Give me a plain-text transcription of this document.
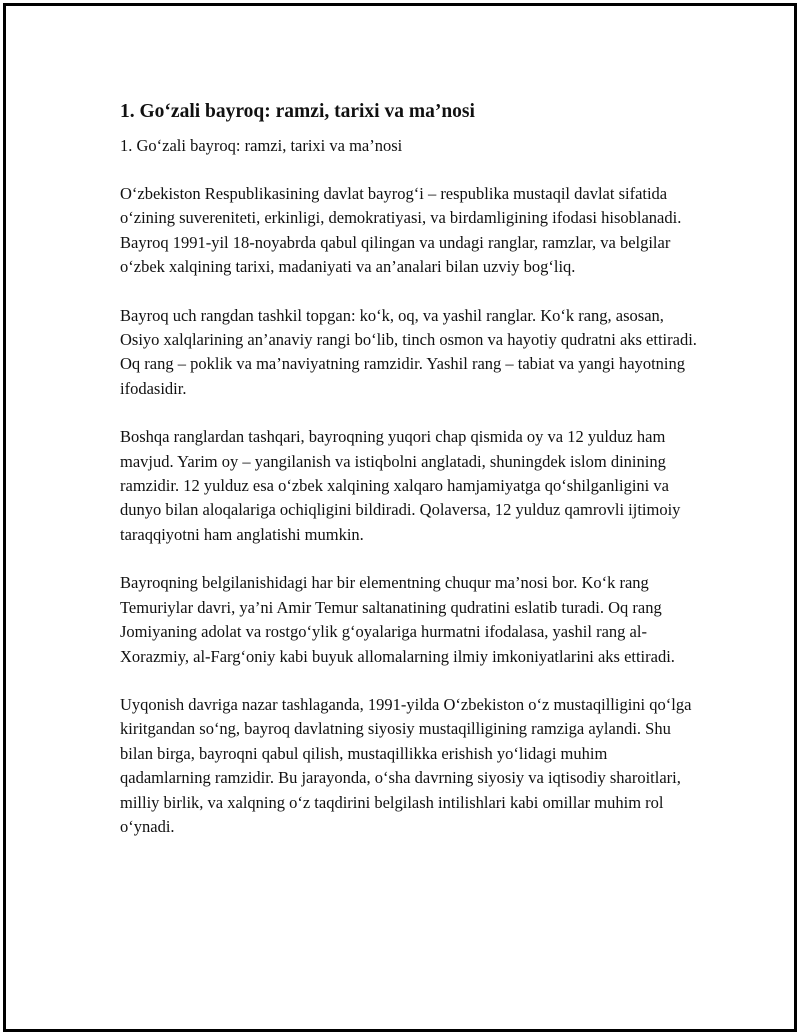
1. Go‘zali bayroq: ramzi, tarixi va ma’nosi

1. Go‘zali bayroq: ramzi, tarixi va ma’nosi

O‘zbekiston Respublikasining davlat bayrog‘i – respublika mustaqil davlat sifatida o‘zining suvereniteti, erkinligi, demokratiyasi, va birdamligining ifodasi hisoblanadi. Bayroq 1991-yil 18-noyabrda qabul qilingan va undagi ranglar, ramzlar, va belgilar o‘zbek xalqining tarixi, madaniyati va an’analari bilan uzviy bog‘liq.

Bayroq uch rangdan tashkil topgan: ko‘k, oq, va yashil ranglar. Ko‘k rang, asosan, Osiyo xalqlarining an’anaviy rangi bo‘lib, tinch osmon va hayotiy qudratni aks ettiradi. Oq rang – poklik va ma’naviyatning ramzidir. Yashil rang – tabiat va yangi hayotning ifodasidir.

Boshqa ranglardan tashqari, bayroqning yuqori chap qismida oy va 12 yulduz ham mavjud. Yarim oy – yangilanish va istiqbolni anglatadi, shuningdek islom dinining ramzidir. 12 yulduz esa o‘zbek xalqining xalqaro hamjamiyatga qo‘shilganligini va dunyo bilan aloqalariga ochiqligini bildiradi. Qolaversa, 12 yulduz qamrovli ijtimoiy taraqqiyotni ham anglatishi mumkin.

Bayroqning belgilanishidagi har bir elementning chuqur ma’nosi bor. Ko‘k rang Temuriylar davri, ya’ni Amir Temur saltanatining qudratini eslatib turadi. Oq rang Jomiyaning adolat va rostgo‘ylik g‘oyalariga hurmatni ifodalasa, yashil rang al-Xorazmiy, al-Farg‘oniy kabi buyuk allomalarning ilmiy imkoniyatlarini aks ettiradi.

Uyqonish davriga nazar tashlaganda, 1991-yilda O‘zbekiston o‘z mustaqilligini qo‘lga kiritgandan so‘ng, bayroq davlatning siyosiy mustaqilligining ramziga aylandi. Shu bilan birga, bayroqni qabul qilish, mustaqillikka erishish yo‘lidagi muhim qadamlarning ramzidir. Bu jarayonda, o‘sha davrning siyosiy va iqtisodiy sharoitlari, milliy birlik, va xalqning o‘z taqdirini belgilash intilishlari kabi omillar muhim rol o‘ynadi.
